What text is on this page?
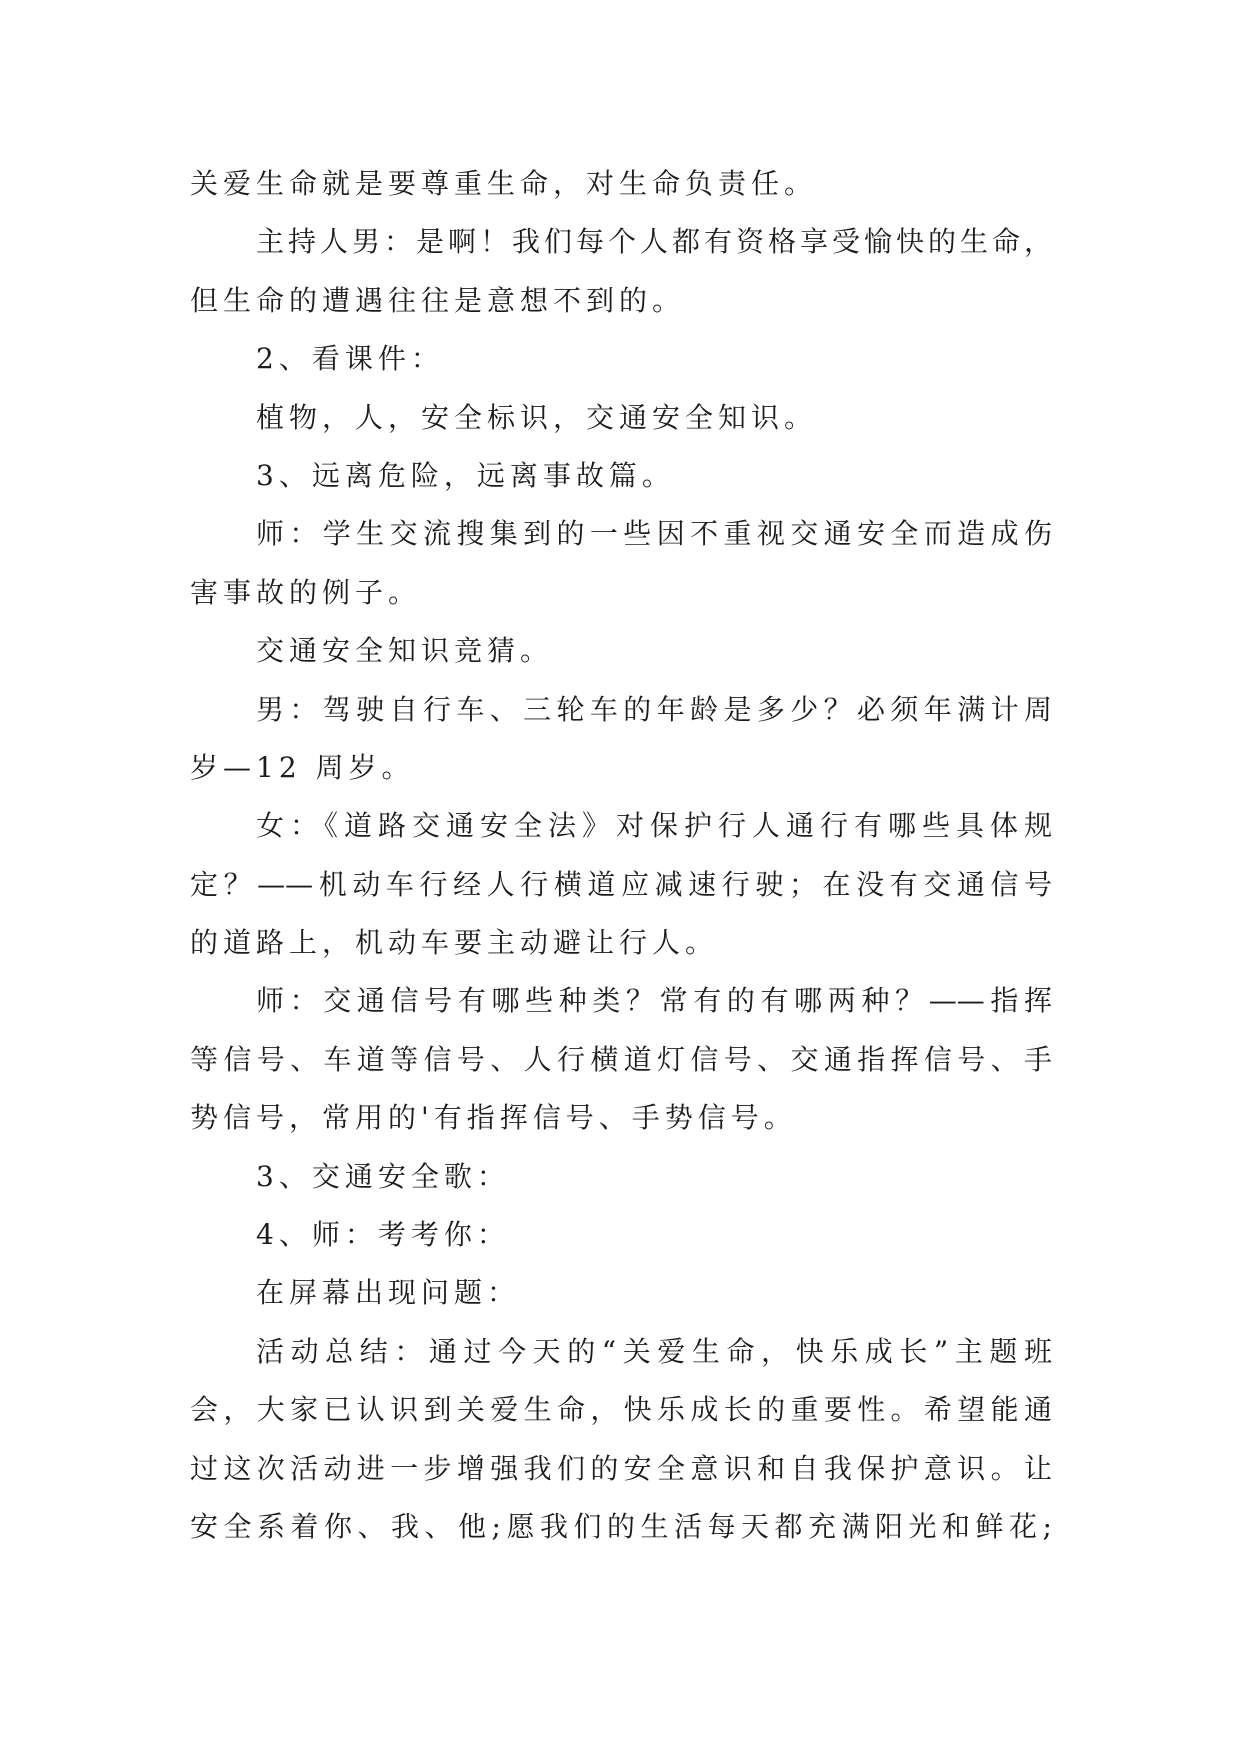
关爱生命就是要尊重生命，对生命负责任。
主持人男：是啊！我们每个人都有资格享受愉快的生命，
但生命的遭遇往往是意想不到的。
2、看课件：
植物，人，安全标识，交通安全知识。
3、远离危险，远离事故篇。
师：学生交流搜集到的一些因不重视交通安全而造成伤
害事故的例子。
交通安全知识竞猜。
男：驾驶自行车、三轮车的年龄是多少？必须年满计周
岁—12 周岁。
女：《道路交通安全法》对保护行人通行有哪些具体规
定？——机动车行经人行横道应减速行驶；在没有交通信号
的道路上，机动车要主动避让行人。
师：交通信号有哪些种类？常有的有哪两种？——指挥
等信号、车道等信号、人行横道灯信号、交通指挥信号、手
势信号，常用的'有指挥信号、手势信号。
3、交通安全歌：
4、师：考考你：
在屏幕出现问题：
活动总结：通过今天的“关爱生命，快乐成长”主题班
会，大家已认识到关爱生命，快乐成长的重要性。希望能通
过这次活动进一步增强我们的安全意识和自我保护意识。让
安全系着你、我、他;愿我们的生活每天都充满阳光和鲜花;
